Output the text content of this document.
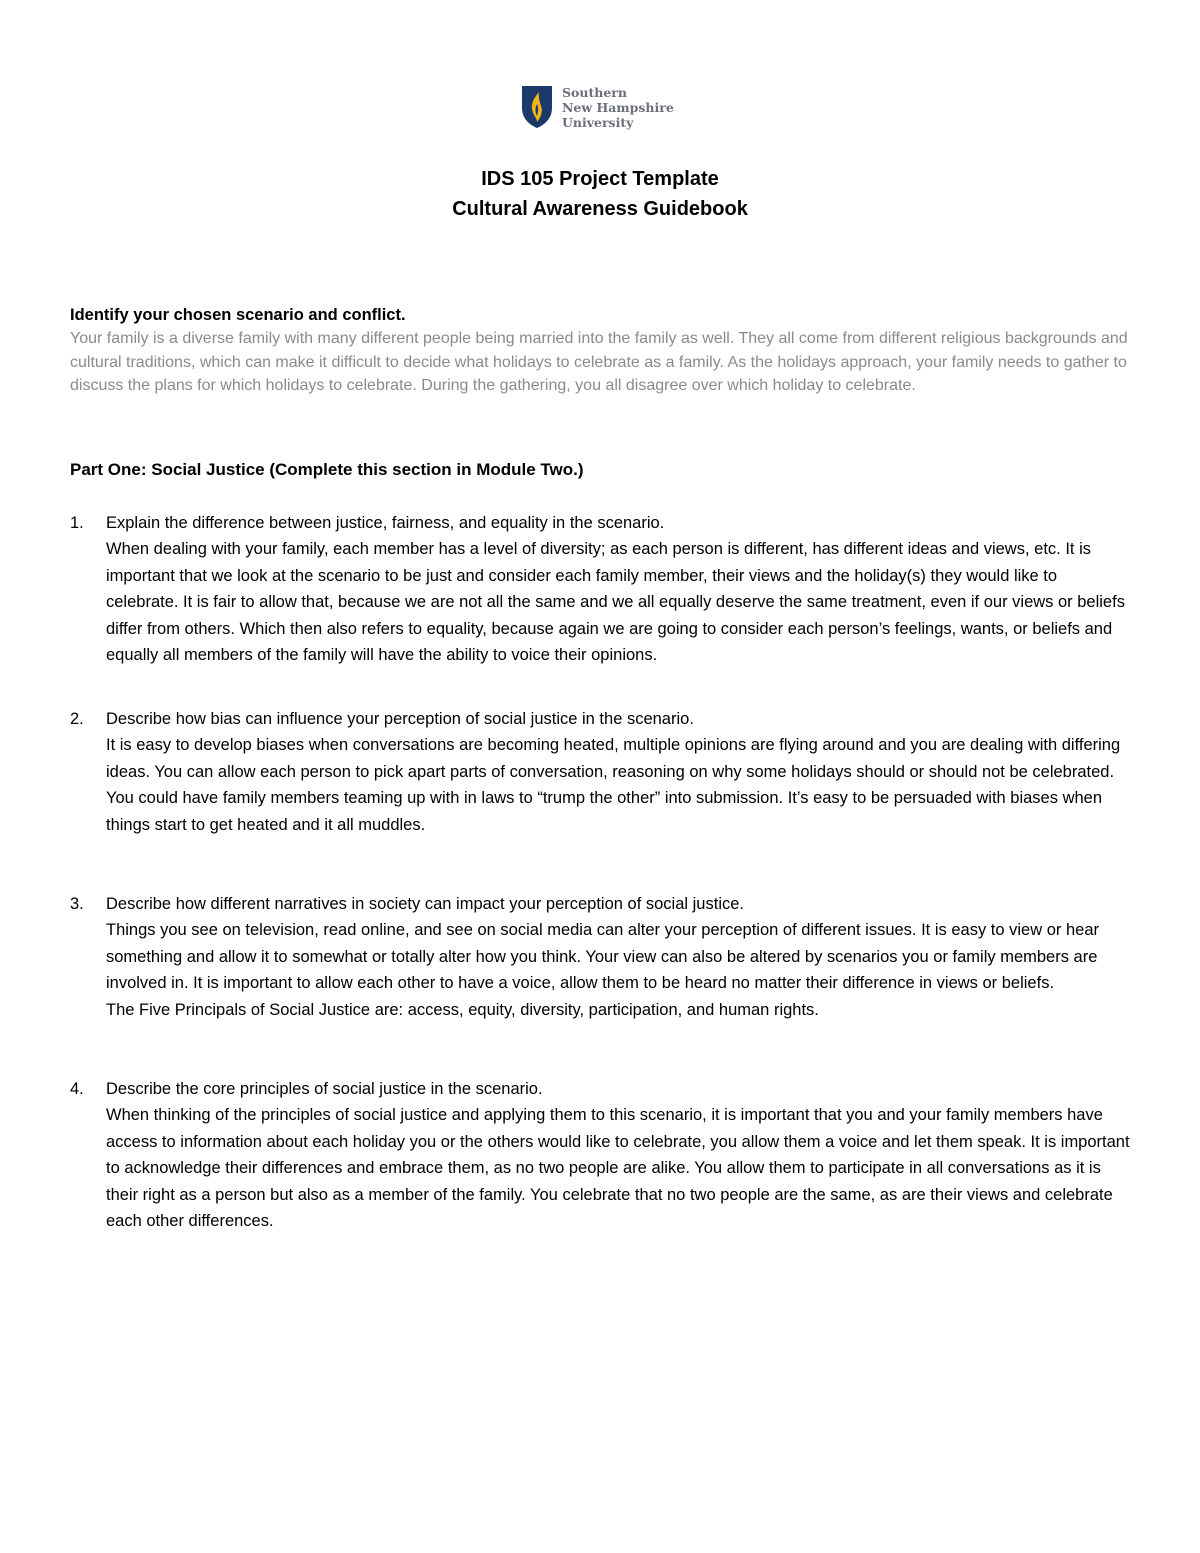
Southern
New Hampshire
University
IDS 105 Project Template
Cultural Awareness Guidebook
Identify your chosen scenario and conflict.
Your family is a diverse family with many different people being married into the family as well. They all come from different religious backgrounds and cultural traditions, which can make it difficult to decide what holidays to celebrate as a family. As the holidays approach, your family needs to gather to discuss the plans for which holidays to celebrate. During the gathering, you all disagree over which holiday to celebrate.
Part One: Social Justice (Complete this section in Module Two.)
1. Explain the difference between justice, fairness, and equality in the scenario.

When dealing with your family, each member has a level of diversity; as each person is different, has different ideas and views, etc. It is important that we look at the scenario to be just and consider each family member, their views and the holiday(s) they would like to celebrate. It is fair to allow that, because we are not all the same and we all equally deserve the same treatment, even if our views or beliefs differ from others. Which then also refers to equality, because again we are going to consider each person’s feelings, wants, or beliefs and equally all members of the family will have the ability to voice their opinions.

2. Describe how bias can influence your perception of social justice in the scenario.

It is easy to develop biases when conversations are becoming heated, multiple opinions are flying around and you are dealing with differing ideas. You can allow each person to pick apart parts of conversation, reasoning on why some holidays should or should not be celebrated. You could have family members teaming up with in laws to “trump the other” into submission. It’s easy to be persuaded with biases when things start to get heated and it all muddles.

3. Describe how different narratives in society can impact your perception of social justice.

Things you see on television, read online, and see on social media can alter your perception of different issues. It is easy to view or hear something and allow it to somewhat or totally alter how you think. Your view can also be altered by scenarios you or family members are involved in. It is important to allow each other to have a voice, allow them to be heard no matter their difference in views or beliefs.

The Five Principals of Social Justice are: access, equity, diversity, participation, and human rights.

4. Describe the core principles of social justice in the scenario.

When thinking of the principles of social justice and applying them to this scenario, it is important that you and your family members have access to information about each holiday you or the others would like to celebrate, you allow them a voice and let them speak. It is important to acknowledge their differences and embrace them, as no two people are alike. You allow them to participate in all conversations as it is their right as a person but also as a member of the family. You celebrate that no two people are the same, as are their views and celebrate each other differences.
